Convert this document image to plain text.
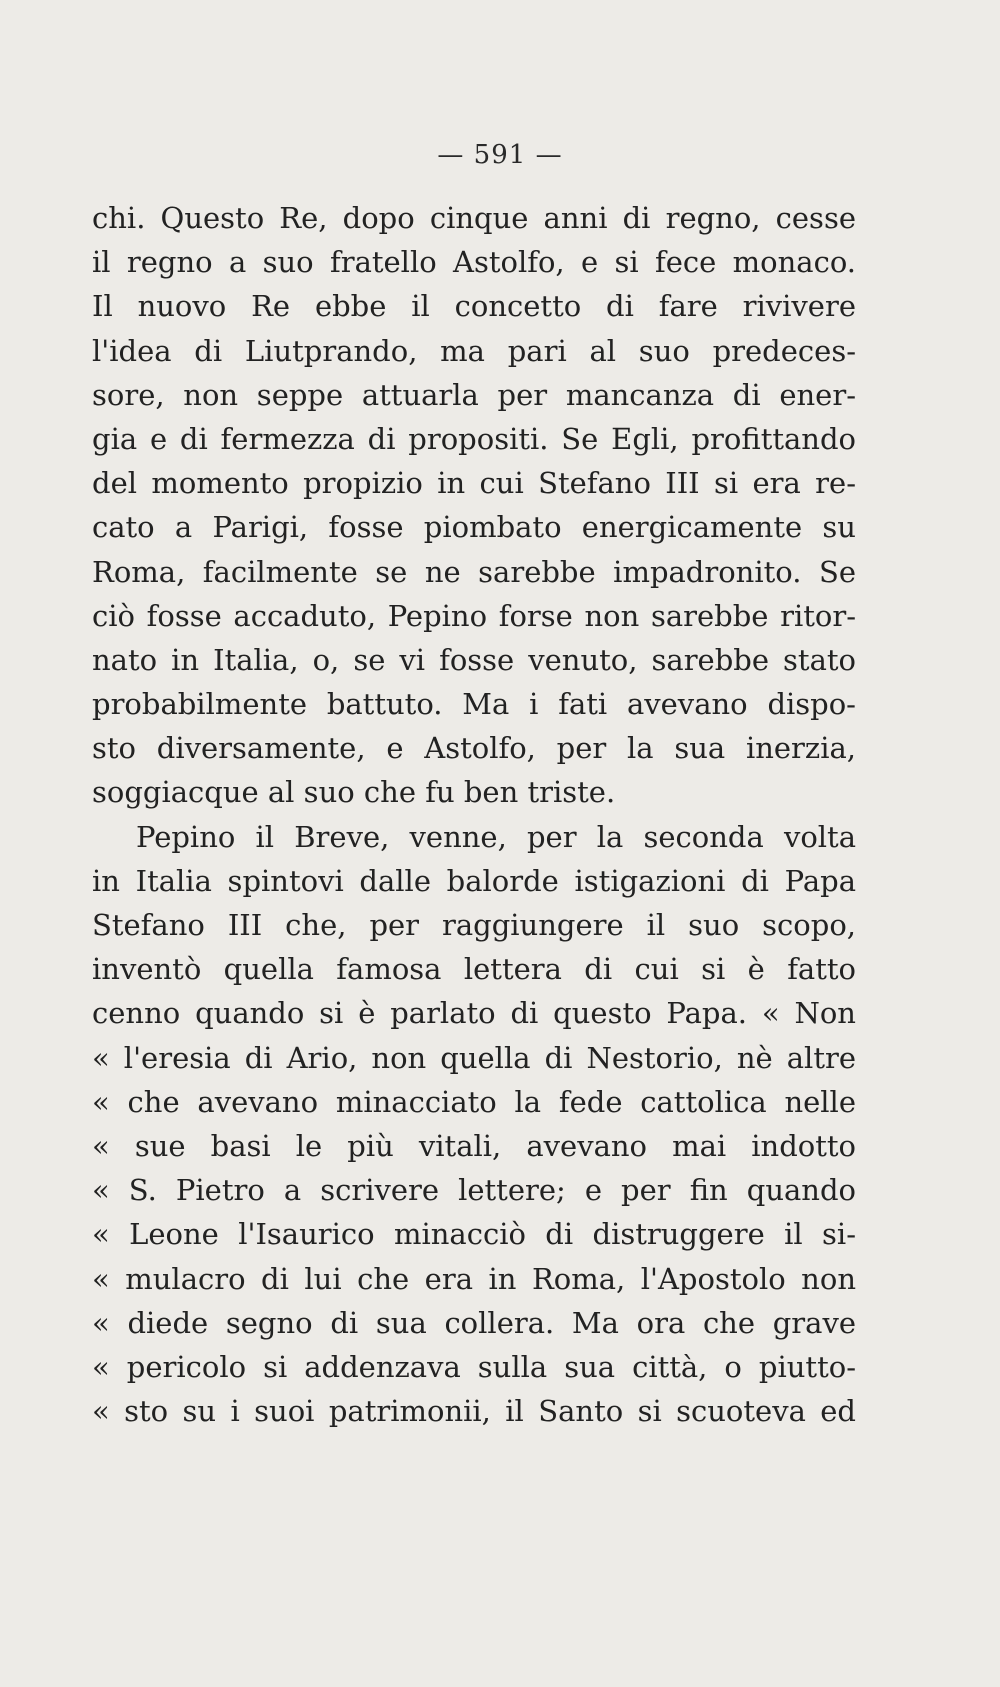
— 591 —
chi. Questo Re, dopo cinque anni di regno, cesse
il regno a suo fratello Astolfo, e si fece monaco.
Il nuovo Re ebbe il concetto di fare rivivere
l'idea di Liutprando, ma pari al suo predeces-
sore, non seppe attuarla per mancanza di ener-
gia e di fermezza di propositi. Se Egli, profittando
del momento propizio in cui Stefano III si era re-
cato a Parigi, fosse piombato energicamente su
Roma, facilmente se ne sarebbe impadronito. Se
ciò fosse accaduto, Pepino forse non sarebbe ritor-
nato in Italia, o, se vi fosse venuto, sarebbe stato
probabilmente battuto. Ma i fati avevano dispo-
sto diversamente, e Astolfo, per la sua inerzia,
soggiacque al suo che fu ben triste.
Pepino il Breve, venne, per la seconda volta
in Italia spintovi dalle balorde istigazioni di Papa
Stefano III che, per raggiungere il suo scopo,
inventò quella famosa lettera di cui si è fatto
cenno quando si è parlato di questo Papa. « Non
« l'eresia di Ario, non quella di Nestorio, nè altre
« che avevano minacciato la fede cattolica nelle
« sue basi le più vitali, avevano mai indotto
« S. Pietro a scrivere lettere; e per fin quando
« Leone l'Isaurico minacciò di distruggere il si-
« mulacro di lui che era in Roma, l'Apostolo non
« diede segno di sua collera. Ma ora che grave
« pericolo si addenzava sulla sua città, o piutto-
« sto su i suoi patrimonii, il Santo si scuoteva ed
